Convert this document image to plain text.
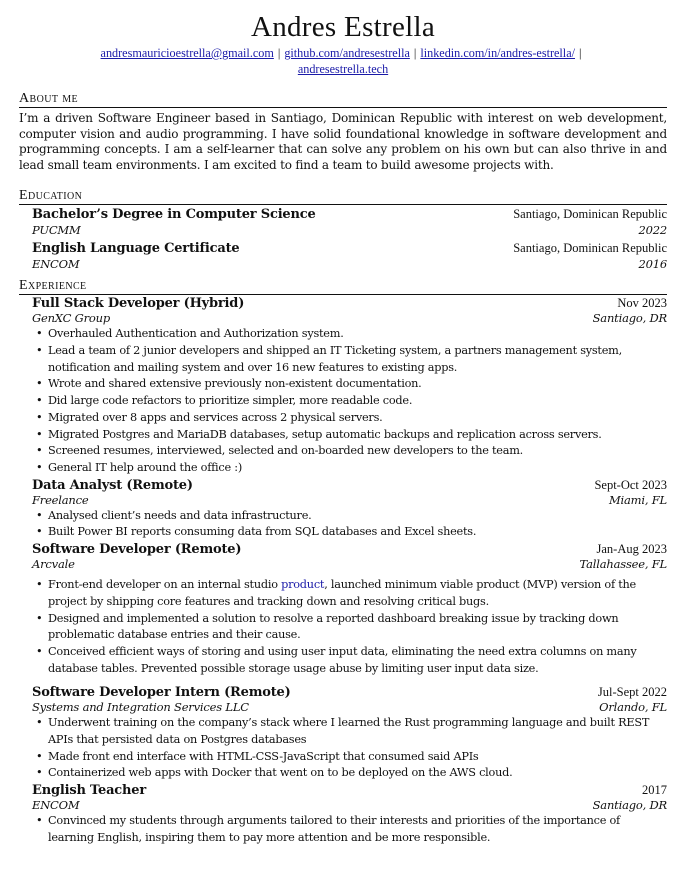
Andres Estrella
andresmauricioestrella@gmail.com | github.com/andresestrella | linkedin.com/in/andres-estrella/ |
andresestrella.tech
About me
I’m a driven Software Engineer based in Santiago, Dominican Republic with interest on web development, computer vision and audio programming. I have solid foundational knowledge in software development and programming concepts. I am a self-learner that can solve any problem on his own but can also thrive in and lead small team environments. I am excited to find a team to build awesome projects with.
Education
Bachelor’s Degree in Computer Science	Santiago, Dominican Republic
PUCMM	2022
English Language Certificate	Santiago, Dominican Republic
ENCOM	2016
Experience
Full Stack Developer (Hybrid)	Nov 2023
GenXC Group	Santiago, DR
• Overhauled Authentication and Authorization system.
• Lead a team of 2 junior developers and shipped an IT Ticketing system, a partners management system, notification and mailing system and over 16 new features to existing apps.
• Wrote and shared extensive previously non-existent documentation.
• Did large code refactors to prioritize simpler, more readable code.
• Migrated over 8 apps and services across 2 physical servers.
• Migrated Postgres and MariaDB databases, setup automatic backups and replication across servers.
• Screened resumes, interviewed, selected and on-boarded new developers to the team.
• General IT help around the office :)
Data Analyst (Remote)	Sept-Oct 2023
Freelance	Miami, FL
• Analysed client’s needs and data infrastructure.
• Built Power BI reports consuming data from SQL databases and Excel sheets.
Software Developer (Remote)	Jan-Aug 2023
Arcvale	Tallahassee, FL
• Front-end developer on an internal studio product, launched minimum viable product (MVP) version of the project by shipping core features and tracking down and resolving critical bugs.
• Designed and implemented a solution to resolve a reported dashboard breaking issue by tracking down problematic database entries and their cause.
• Conceived efficient ways of storing and using user input data, eliminating the need extra columns on many database tables. Prevented possible storage usage abuse by limiting user input data size.
Software Developer Intern (Remote)	Jul-Sept 2022
Systems and Integration Services LLC	Orlando, FL
• Underwent training on the company’s stack where I learned the Rust programming language and built REST APIs that persisted data on Postgres databases
• Made front end interface with HTML-CSS-JavaScript that consumed said APIs
• Containerized web apps with Docker that went on to be deployed on the AWS cloud.
English Teacher	2017
ENCOM	Santiago, DR
• Convinced my students through arguments tailored to their interests and priorities of the importance of learning English, inspiring them to pay more attention and be more responsible.
